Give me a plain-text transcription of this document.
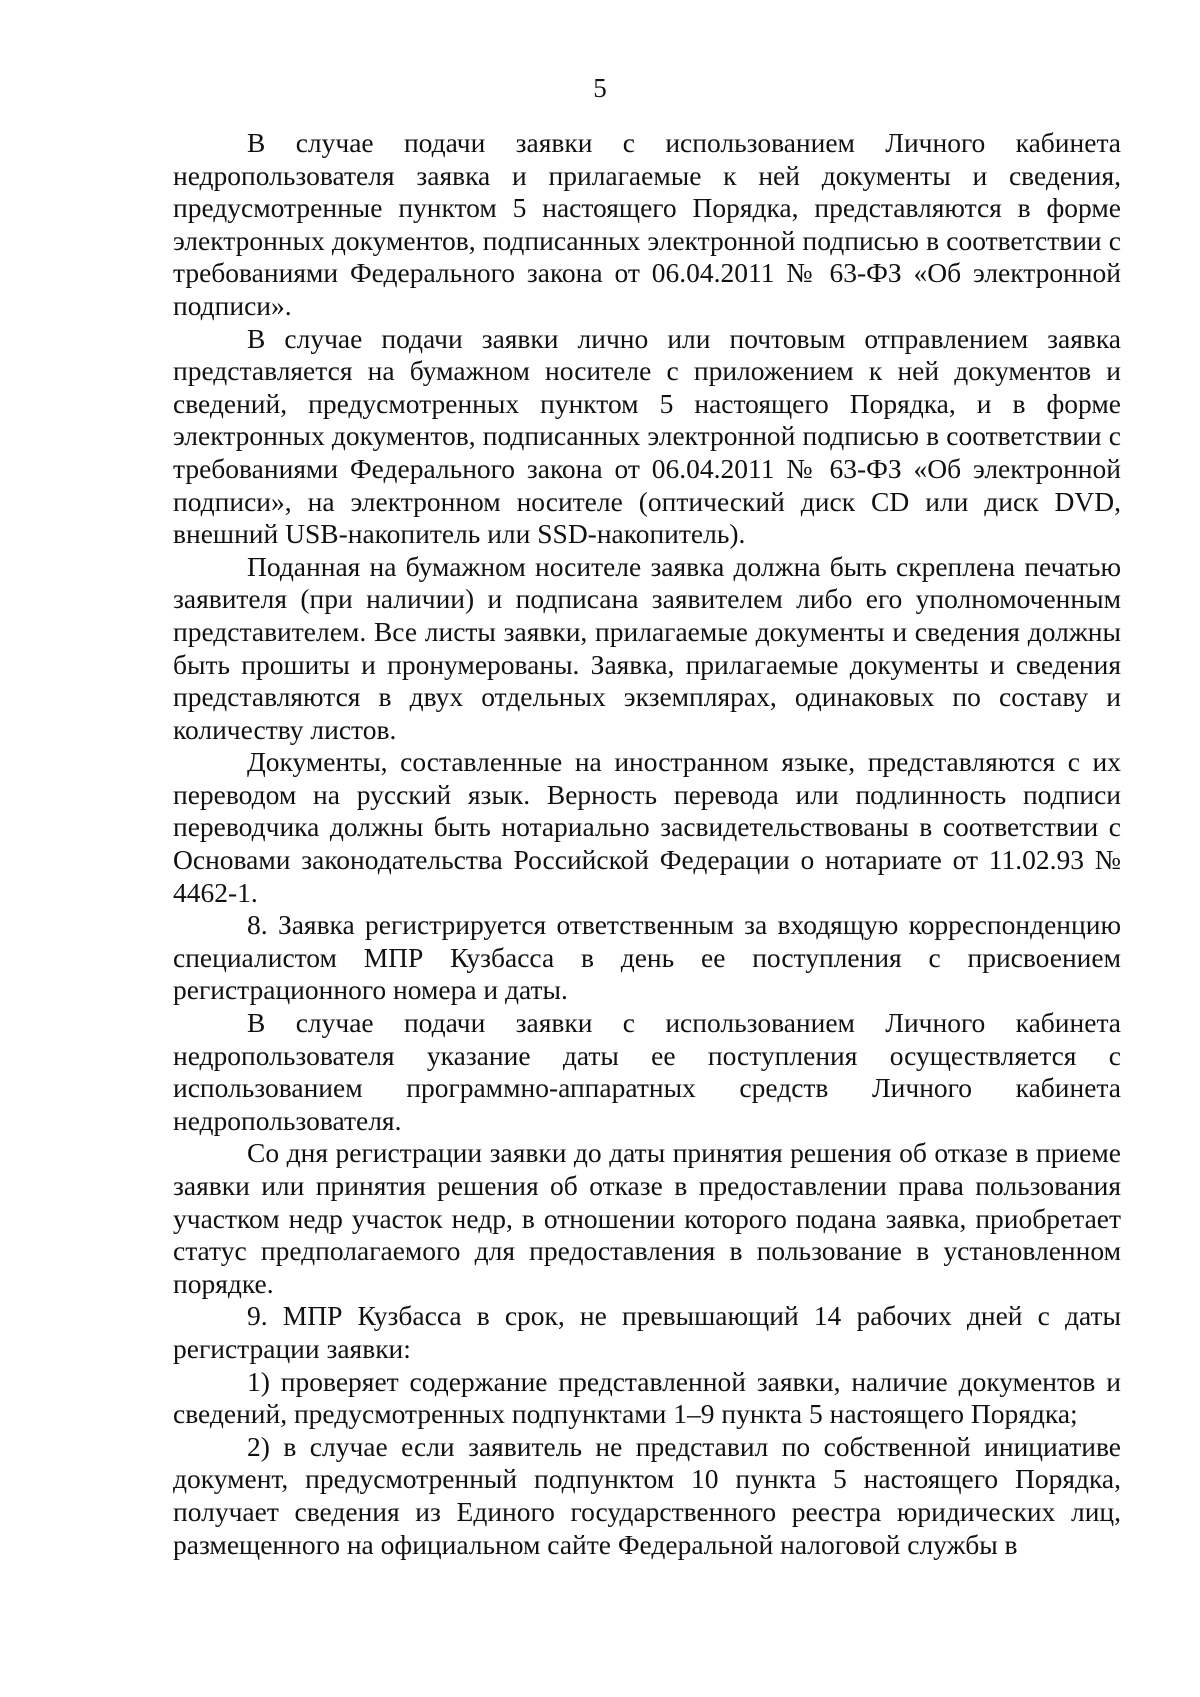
5

В случае подачи заявки с использованием Личного кабинета недропользователя заявка и прилагаемые к ней документы и сведения, предусмотренные пунктом 5 настоящего Порядка, представляются в форме электронных документов, подписанных электронной подписью в соответствии с требованиями Федерального закона от 06.04.2011 № 63-ФЗ «Об электронной подписи».

В случае подачи заявки лично или почтовым отправлением заявка представляется на бумажном носителе с приложением к ней документов и сведений, предусмотренных пунктом 5 настоящего Порядка, и в форме электронных документов, подписанных электронной подписью в соответствии с требованиями Федерального закона от 06.04.2011 № 63-ФЗ «Об электронной подписи», на электронном носителе (оптический диск CD или диск DVD, внешний USB-накопитель или SSD-накопитель).

Поданная на бумажном носителе заявка должна быть скреплена печатью заявителя (при наличии) и подписана заявителем либо его уполномоченным представителем. Все листы заявки, прилагаемые документы и сведения должны быть прошиты и пронумерованы. Заявка, прилагаемые документы и сведения представляются в двух отдельных экземплярах, одинаковых по составу и количеству листов.

Документы, составленные на иностранном языке, представляются с их переводом на русский язык. Верность перевода или подлинность подписи переводчика должны быть нотариально засвидетельствованы в соответствии с Основами законодательства Российской Федерации о нотариате от 11.02.93 № 4462-1.

8. Заявка регистрируется ответственным за входящую корреспонденцию специалистом МПР Кузбасса в день ее поступления с присвоением регистрационного номера и даты.

В случае подачи заявки с использованием Личного кабинета недропользователя указание даты ее поступления осуществляется с использованием программно-аппаратных средств Личного кабинета недропользователя.

Со дня регистрации заявки до даты принятия решения об отказе в приеме заявки или принятия решения об отказе в предоставлении права пользования участком недр участок недр, в отношении которого подана заявка, приобретает статус предполагаемого для предоставления в пользование в установленном порядке.

9. МПР Кузбасса в срок, не превышающий 14 рабочих дней с даты регистрации заявки:

1) проверяет содержание представленной заявки, наличие документов и сведений, предусмотренных подпунктами 1–9 пункта 5 настоящего Порядка;

2) в случае если заявитель не представил по собственной инициативе документ, предусмотренный подпунктом 10 пункта 5 настоящего Порядка, получает сведения из Единого государственного реестра юридических лиц, размещенного на официальном сайте Федеральной налоговой службы в
